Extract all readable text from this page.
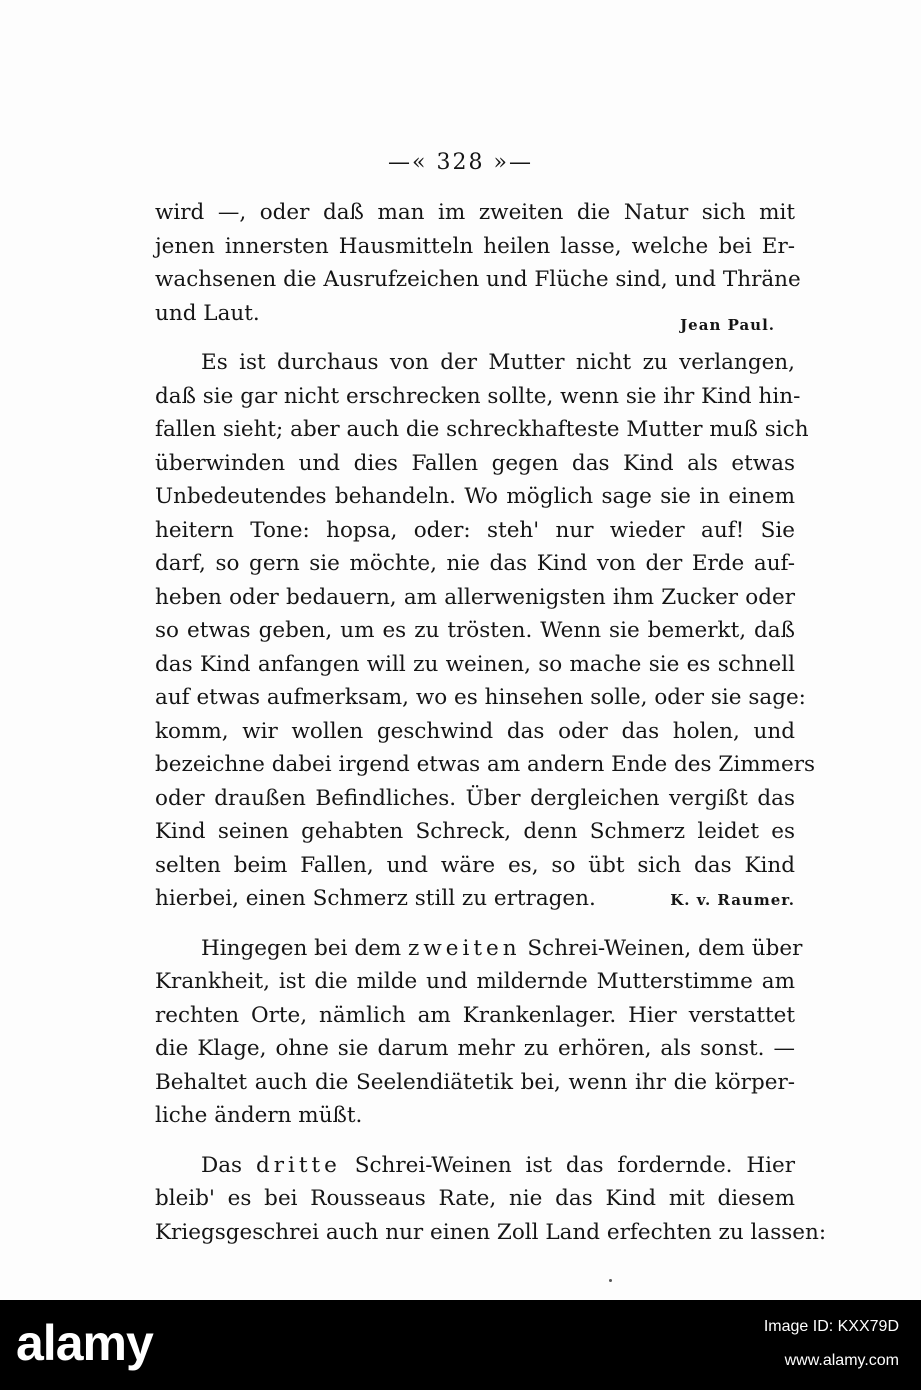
—« 328 »—
wird —, oder daß man im zweiten die Natur sich mit
jenen innersten Hausmitteln heilen lasse, welche bei Er-
wachsenen die Ausrufzeichen und Flüche sind, und Thräne
und Laut.	Jean Paul.
Es ist durchaus von der Mutter nicht zu verlangen,
daß sie gar nicht erschrecken sollte, wenn sie ihr Kind hin-
fallen sieht; aber auch die schreckhafteste Mutter muß sich
überwinden und dies Fallen gegen das Kind als etwas
Unbedeutendes behandeln. Wo möglich sage sie in einem
heitern Tone: hopsa, oder: steh' nur wieder auf! Sie
darf, so gern sie möchte, nie das Kind von der Erde auf-
heben oder bedauern, am allerwenigsten ihm Zucker oder
so etwas geben, um es zu trösten. Wenn sie bemerkt, daß
das Kind anfangen will zu weinen, so mache sie es schnell
auf etwas aufmerksam, wo es hinsehen solle, oder sie sage:
komm, wir wollen geschwind das oder das holen, und
bezeichne dabei irgend etwas am andern Ende des Zimmers
oder draußen Befindliches. Über dergleichen vergißt das
Kind seinen gehabten Schreck, denn Schmerz leidet es
selten beim Fallen, und wäre es, so übt sich das Kind
hierbei, einen Schmerz still zu ertragen.	K. v. Raumer.
Hingegen bei dem zweiten Schrei-Weinen, dem über
Krankheit, ist die milde und mildernde Mutterstimme am
rechten Orte, nämlich am Krankenlager. Hier verstattet
die Klage, ohne sie darum mehr zu erhören, als sonst. —
Behaltet auch die Seelendiätetik bei, wenn ihr die körper-
liche ändern müßt.
Das dritte Schrei-Weinen ist das fordernde. Hier
bleib' es bei Rousseaus Rate, nie das Kind mit diesem
Kriegsgeschrei auch nur einen Zoll Land erfechten zu lassen:
alamy	Image ID: KXX79D
www.alamy.com
